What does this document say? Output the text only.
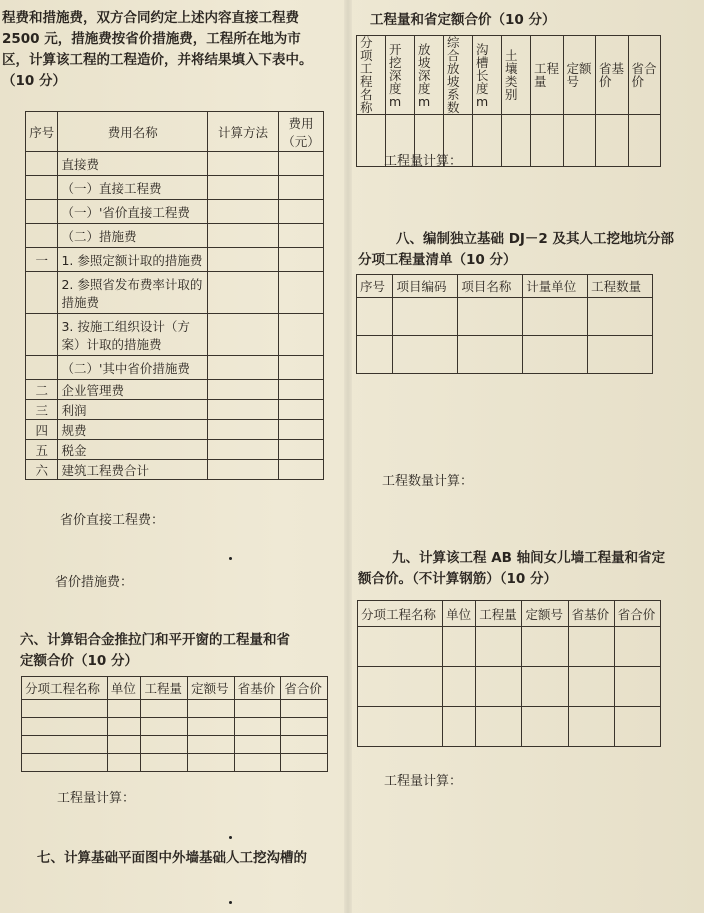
程费和措施费，双方合同约定上述内容直接工程费
2500 元，措施费按省价措施费，工程所在地为市
区，计算该工程的工程造价，并将结果填入下表中。
（10 分）
序号	费用名称	计算方法	费用（元）
	直接费		
	（一）直接工程费		
	（一）'省价直接工程费		
	（二）措施费		
一	1. 参照定额计取的措施费		
	2. 参照省发布费率计取的措施费		
	3. 按施工组织设计（方案）计取的措施费		
	（二）'其中省价措施费		
二	企业管理费		
三	利润		
四	规费		
五	税金		
六	建筑工程费合计		
省价直接工程费：
省价措施费：
六、计算铝合金推拉门和平开窗的工程量和省
定额合价（10 分）
分项工程名称	单位	工程量	定额号	省基价	省合价

工程量计算：
七、计算基础平面图中外墙基础人工挖沟槽的
工程量和省定额合价（10 分）
分项工程名称	开挖深度 m	放坡深度 m	综合放坡系数	沟槽长度 m	土壤类别	工程量	定额号	省基价	省合价

工程量计算：
八、编制独立基础 DJ－2 及其人工挖地坑分部
分项工程量清单（10 分）
序号	项目编码	项目名称	计量单位	工程数量

工程数量计算：
九、计算该工程 AB 轴间女儿墙工程量和省定
额合价。（不计算钢筋）（10 分）
分项工程名称	单位	工程量	定额号	省基价	省合价

工程量计算：
